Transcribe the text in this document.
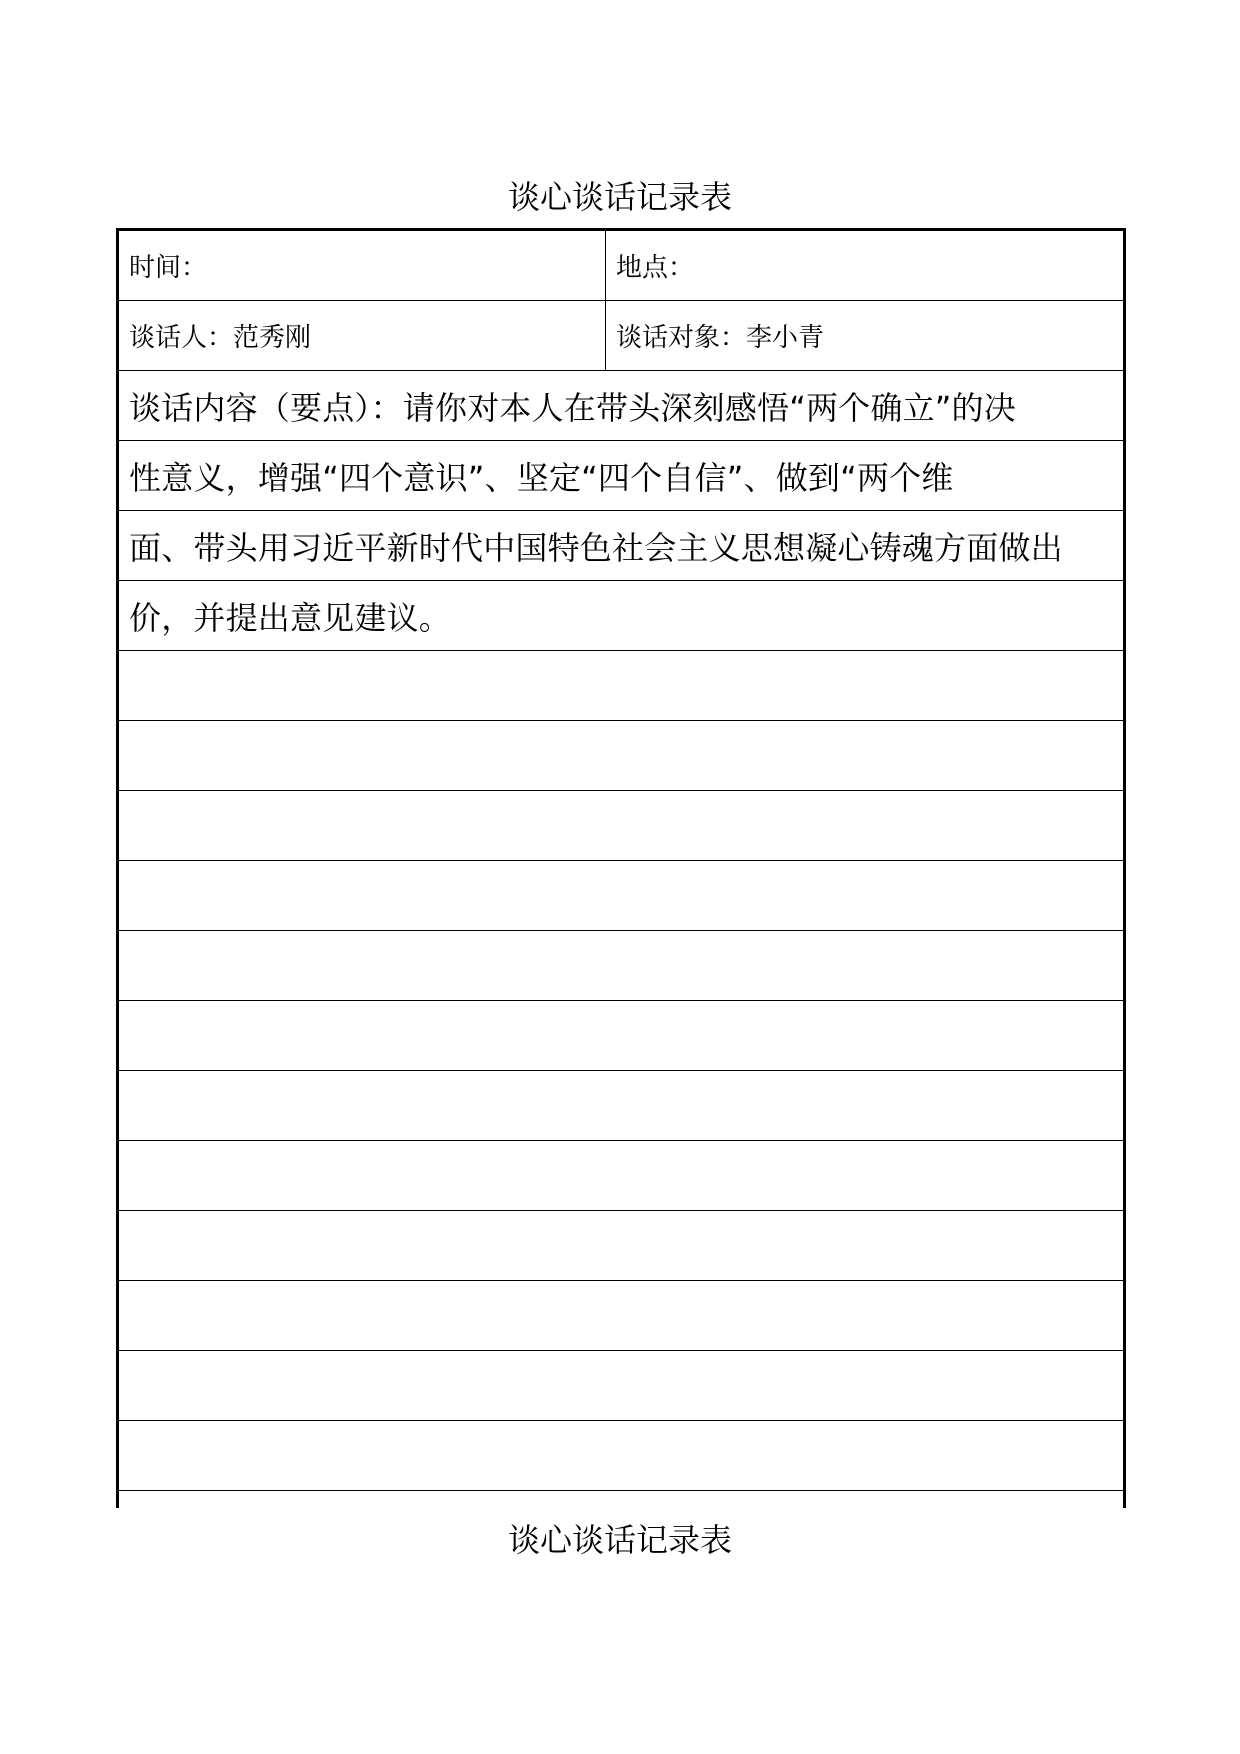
谈心谈话记录表
时间：	地点：
谈话人：范秀刚	谈话对象：李小青
谈话内容（要点）：请你对本人在带头深刻感悟“两个确立”的决
性意义，增强“四个意识”、坚定“四个自信”、做到“两个维
面、带头用习近平新时代中国特色社会主义思想凝心铸魂方面做出
价，并提出意见建议。
谈心谈话记录表
